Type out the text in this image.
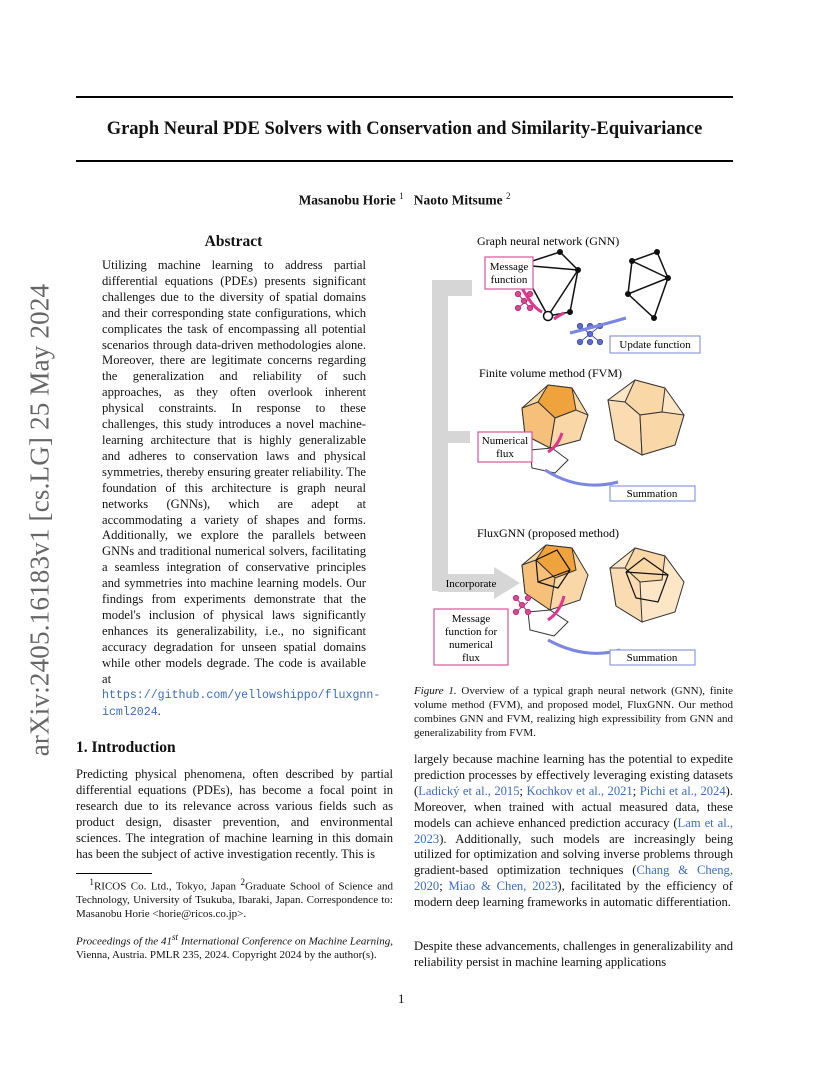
Graph Neural PDE Solvers with Conservation and Similarity-Equivariance
Masanobu Horie $^1$ Naoto Mitsume $^2$
arXiv:2405.16183v1 [cs.LG] 25 May 2024
Abstract
Utilizing machine learning to address partial differential equations (PDEs) presents significant challenges due to the diversity of spatial domains and their corresponding state configurations, which complicates the task of encompassing all potential scenarios through data-driven methodologies alone. Moreover, there are legitimate concerns regarding the generalization and reliability of such approaches, as they often overlook inherent physical constraints. In response to these challenges, this study introduces a novel machine-learning architecture that is highly generalizable and adheres to conservation laws and physical symmetries, thereby ensuring greater reliability. The foundation of this architecture is graph neural networks (GNNs), which are adept at accommodating a variety of shapes and forms. Additionally, we explore the parallels between GNNs and traditional numerical solvers, facilitating a seamless integration of conservative principles and symmetries into machine learning models. Our findings from experiments demonstrate that the model's inclusion of physical laws significantly enhances its generalizability, i.e., no significant accuracy degradation for unseen spatial domains while other models degrade. The code is available at https://github.com/yellowshippo/fluxgnn-icml2024.
1. Introduction
Predicting physical phenomena, often described by partial differential equations (PDEs), has become a focal point in research due to its relevance across various fields such as product design, disaster prevention, and environmental sciences. The integration of machine learning in this domain has been the subject of active investigation recently. This is
$^1$RICOS Co. Ltd., Tokyo, Japan $^2$Graduate School of Science and Technology, University of Tsukuba, Ibaraki, Japan. Correspondence to: Masanobu Horie <horie@ricos.co.jp>.
Proceedings of the 41st International Conference on Machine Learning, Vienna, Austria. PMLR 235, 2024. Copyright 2024 by the author(s).
Graph neural network (GNN)
Message function
Update function
Finite volume method (FVM)
Numerical flux
Summation
FluxGNN (proposed method)
Incorporate
Message function for numerical flux	Summation
Figure 1. Overview of a typical graph neural network (GNN), finite volume method (FVM), and proposed model, FluxGNN. Our method combines GNN and FVM, realizing high expressibility from GNN and generalizability from FVM.
largely because machine learning has the potential to expedite prediction processes by effectively leveraging existing datasets (Ladický et al., 2015; Kochkov et al., 2021; Pichi et al., 2024). Moreover, when trained with actual measured data, these models can achieve enhanced prediction accuracy (Lam et al., 2023). Additionally, such models are increasingly being utilized for optimization and solving inverse problems through gradient-based optimization techniques (Chang & Cheng, 2020; Miao & Chen, 2023), facilitated by the efficiency of modern deep learning frameworks in automatic differentiation.
Despite these advancements, challenges in generalizability and reliability persist in machine learning applications
1
